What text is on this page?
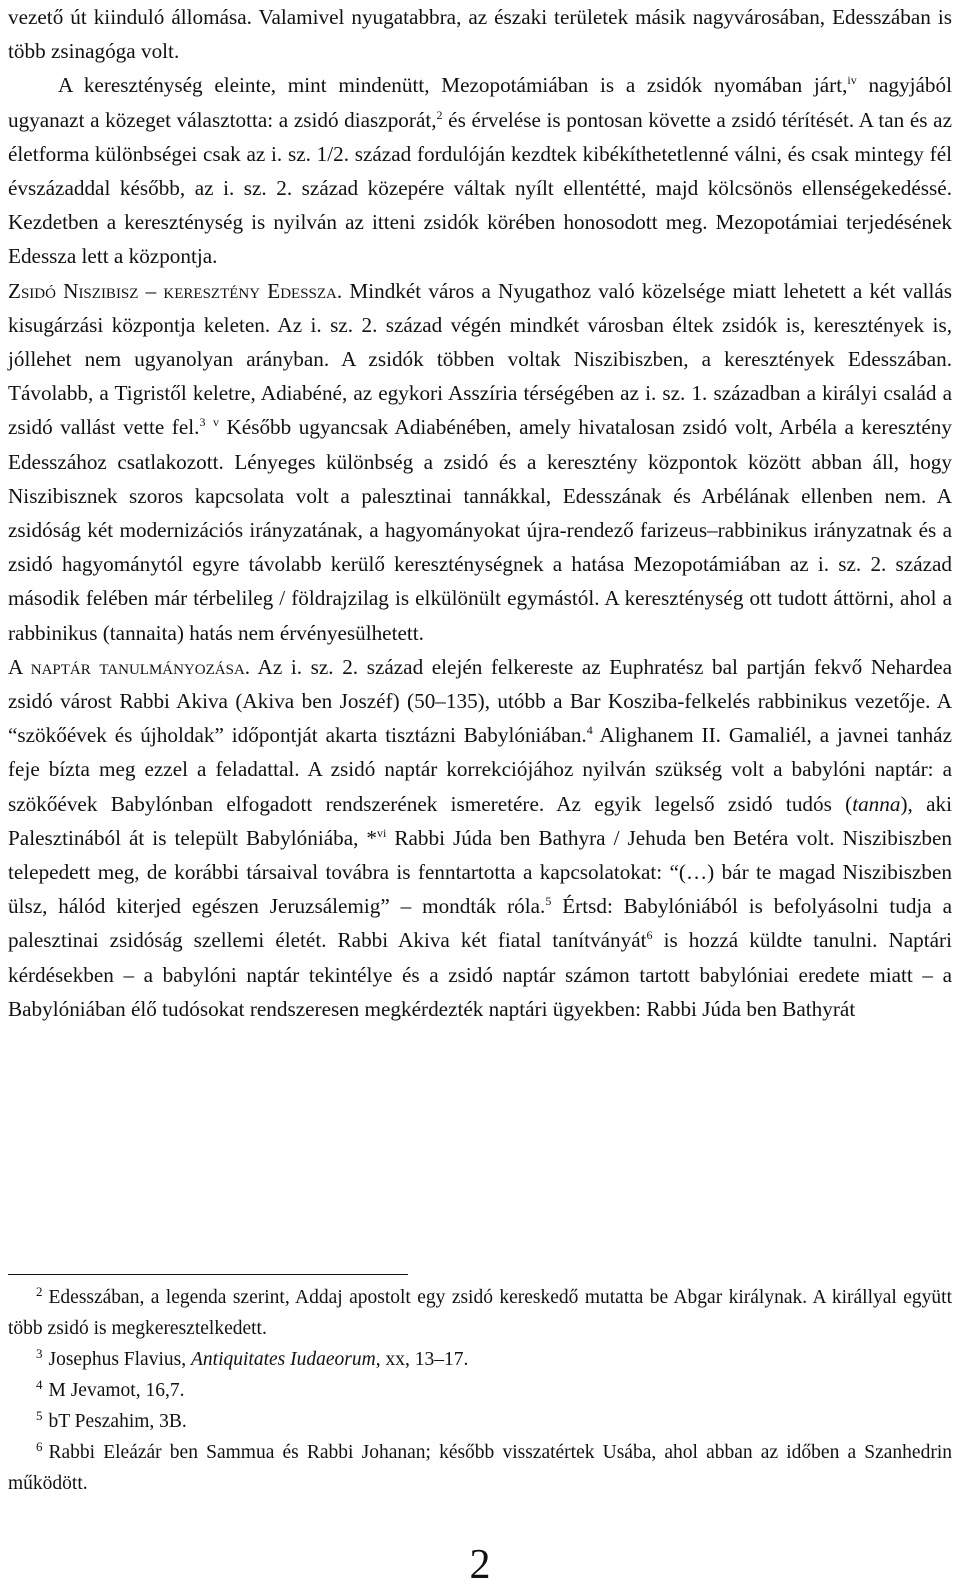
vezető út kiinduló állomása. Valamivel nyugatabbra, az északi területek másik nagyvárosában, Edesszában is több zsinagóga volt.

A kereszténység eleinte, mint mindenütt, Mezopotámiában is a zsidók nyomában járt,$^{iv}$ nagyjából ugyanazt a közeget választotta: a zsidó diaszporát,$^2$ és érvelése is pontosan követte a zsidó térítését. A tan és az életforma különbségei csak az i. sz. 1/2. század fordulóján kezdtek kibékíthetetlenné válni, és csak mintegy fél évszázaddal később, az i. sz. 2. század közepére váltak nyílt ellentétté, majd kölcsönös ellenségekedéssé. Kezdetben a kereszténység is nyilván az itteni zsidók körében honosodott meg. Mezopotámiai terjedésének Edessza lett a központja.

Zsidó Niszibisz – keresztény Edessza. Mindkét város a Nyugathoz való közelsége miatt lehetett a két vallás kisugárzási központja keleten. Az i. sz. 2. század végén mindkét városban éltek zsidók is, keresztények is, jóllehet nem ugyanolyan arányban. A zsidók többen voltak Niszibiszben, a keresztények Edesszában. Távolabb, a Tigristől keletre, Adiabéné, az egykori Asszíria térségében az i. sz. 1. században a királyi család a zsidó vallást vette fel.$^3$ $^v$ Később ugyancsak Adiabénében, amely hivatalosan zsidó volt, Arbéla a keresztény Edesszához csatlakozott. Lényeges különbség a zsidó és a keresztény központok között abban áll, hogy Niszibisznek szoros kapcsolata volt a palesztinai tannákkal, Edesszának és Arbélának ellenben nem. A zsidóság két modernizációs irányzatának, a hagyományokat újra-rendező farizeus–rabbinikus irányzatnak és a zsidó hagyománytól egyre távolabb kerülő kereszténységnek a hatása Mezopotámiában az i. sz. 2. század második felében már térbelileg / földrajzilag is elkülönült egymástól. A kereszténység ott tudott áttörni, ahol a rabbinikus (tannaita) hatás nem érvényesülhetett.

A naptár tanulmányozása. Az i. sz. 2. század elején felkereste az Euphratész bal partján fekvő Nehardea zsidó várost Rabbi Akiva (Akiva ben Joszéf) (50–135), utóbb a Bar Kosziba-felkelés rabbinikus vezetője. A “szökőévek és újholdak” időpontját akarta tisztázni Babylóniában.$^4$ Alighanem II. Gamaliél, a javnei tanház feje bízta meg ezzel a feladattal. A zsidó naptár korrekciójához nyilván szükség volt a babylóni naptár: a szökőévek Babylónban elfogadott rendszerének ismeretére. Az egyik legelső zsidó tudós (tanna), aki Palesztinából át is települt Babylóniába, *$^{vi}$ Rabbi Júda ben Bathyra / Jehuda ben Betéra volt. Niszibiszben telepedett meg, de korábbi társaival továbra is fenntartotta a kapcsolatokat: “(…) bár te magad Niszibiszben ülsz, hálód kiterjed egészen Jeruzsálemig” – mondták róla.$^5$ Értsd: Babylóniából is befolyásolni tudja a palesztinai zsidóság szellemi életét. Rabbi Akiva két fiatal tanítványát$^6$ is hozzá küldte tanulni. Naptári kérdésekben – a babylóni naptár tekintélye és a zsidó naptár számon tartott babylóniai eredete miatt – a Babylóniában élő tudósokat rendszeresen megkérdezték naptári ügyekben: Rabbi Júda ben Bathyrát

$^2$ Edesszában, a legenda szerint, Addaj apostolt egy zsidó kereskedő mutatta be Abgar királynak. A királlyal együtt több zsidó is megkeresztelkedett.

$^3$ Josephus Flavius, Antiquitates Iudaeorum, xx, 13–17.

$^4$ M Jevamot, 16,7.

$^5$ bT Peszahim, 3B.

$^6$ Rabbi Eleázár ben Sammua és Rabbi Johanan; később visszatértek Usába, ahol abban az időben a Szanhedrin működött.

2
